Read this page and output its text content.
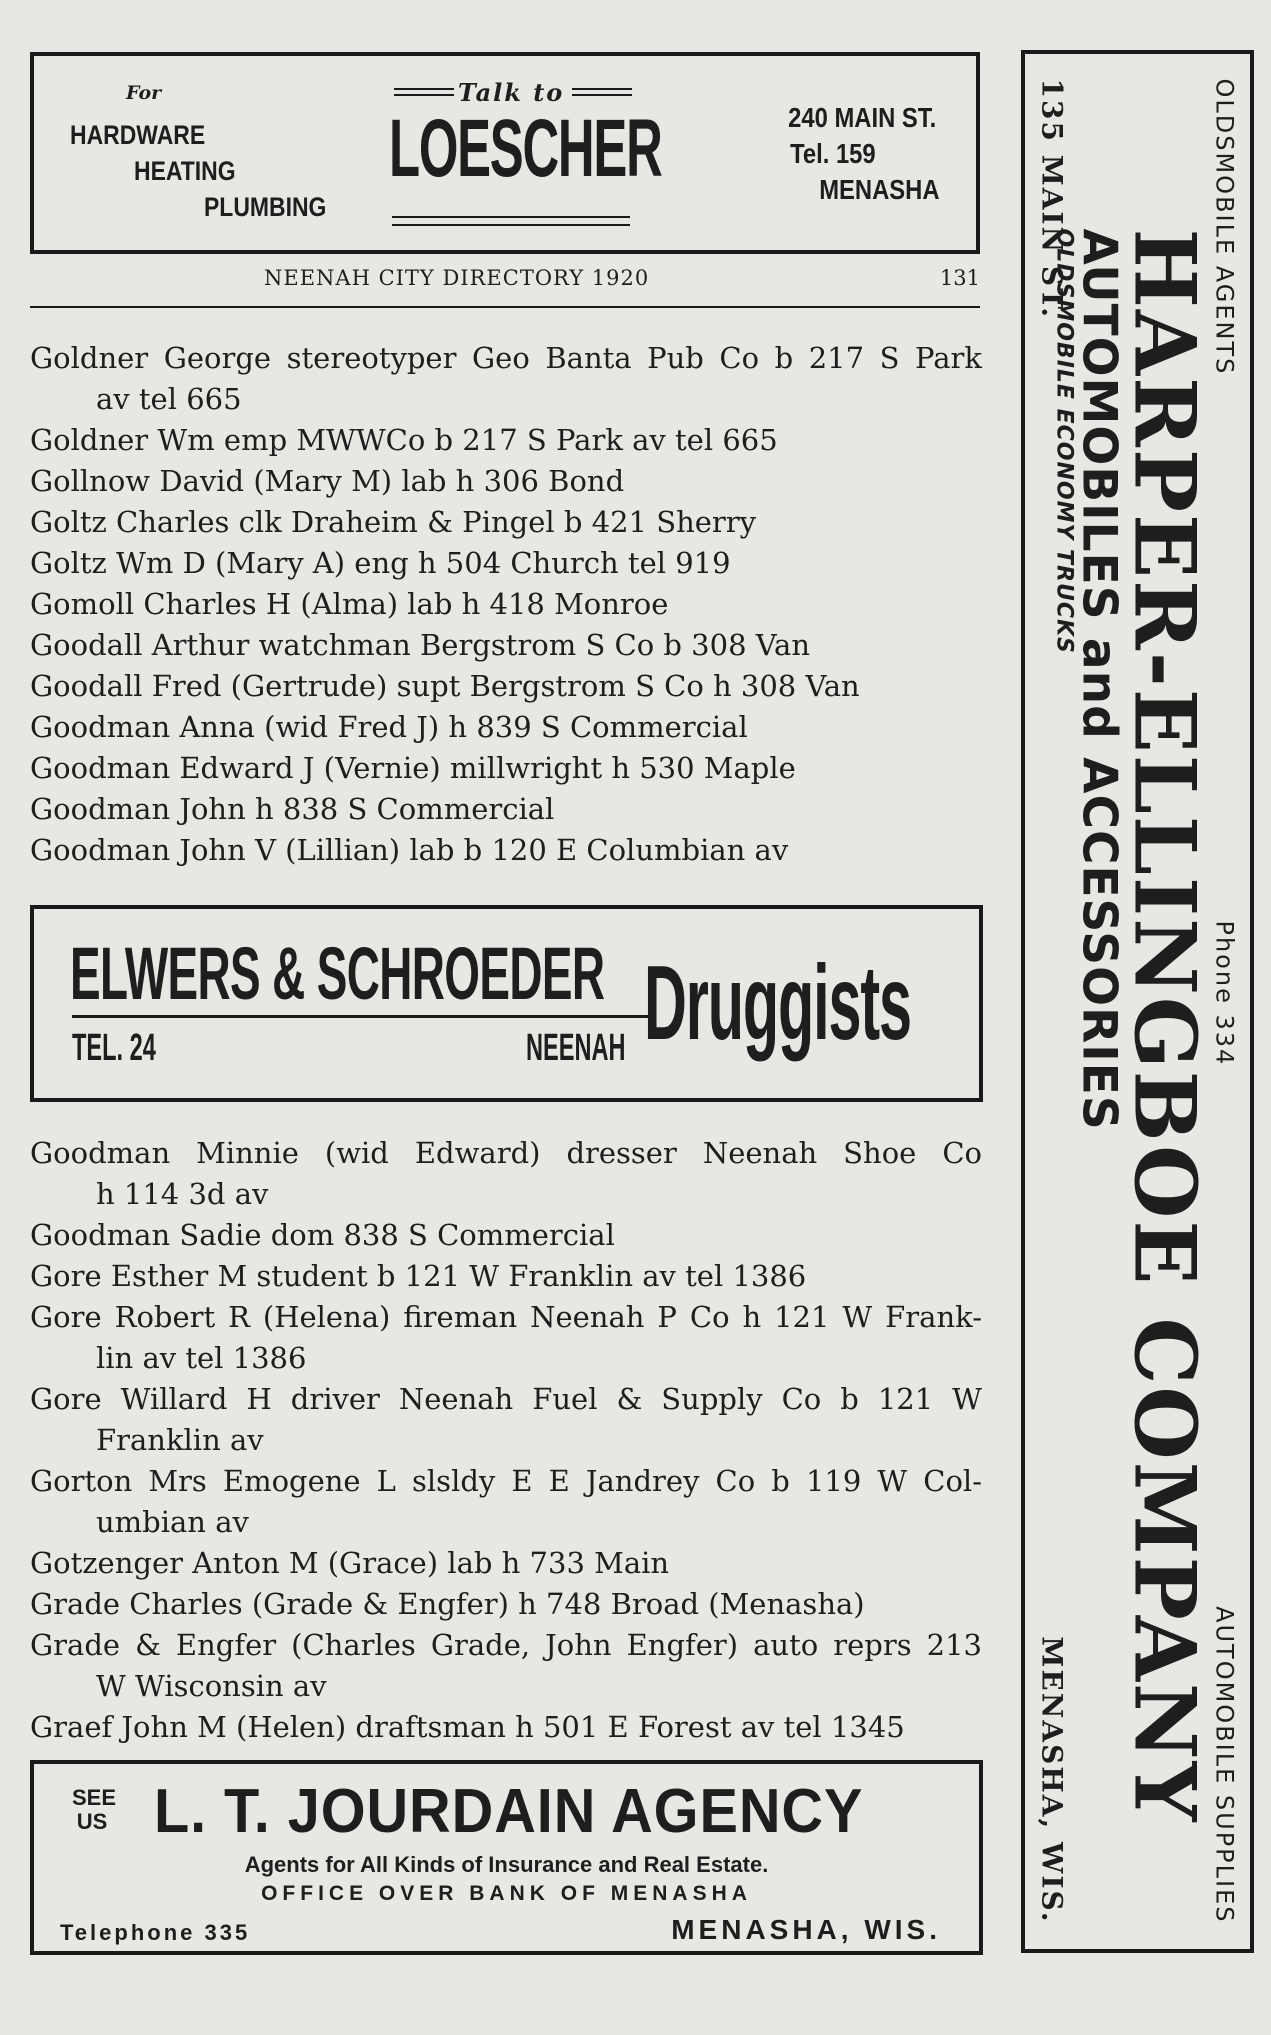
For
HARDWARE
HEATING
PLUMBING
Talk to
LOESCHER	240 MAIN ST.
Tel. 159
MENASHA
NEENAH CITY DIRECTORY 1920	131

Goldner George stereotyper Geo Banta Pub Co b 217 S Park
av tel 665

Goldner Wm emp MWWCo b 217 S Park av tel 665

Gollnow David (Mary M) lab h 306 Bond

Goltz Charles clk Draheim & Pingel b 421 Sherry

Goltz Wm D (Mary A) eng h 504 Church tel 919

Gomoll Charles H (Alma) lab h 418 Monroe

Goodall Arthur watchman Bergstrom S Co b 308 Van

Goodall Fred (Gertrude) supt Bergstrom S Co h 308 Van

Goodman Anna (wid Fred J) h 839 S Commercial

Goodman Edward J (Vernie) millwright h 530 Maple

Goodman John h 838 S Commercial

Goodman John V (Lillian) lab b 120 E Columbian av

ELWERS & SCHROEDER
TEL. 24	NEENAH Druggists

Goodman Minnie (wid Edward) dresser Neenah Shoe Co
h 114 3d av

Goodman Sadie dom 838 S Commercial

Gore Esther M student b 121 W Franklin av tel 1386

Gore Robert R (Helena) fireman Neenah P Co h 121 W Frank-
lin av tel 1386

Gore Willard H driver Neenah Fuel & Supply Co b 121 W
Franklin av

Gorton Mrs Emogene L slsldy E E Jandrey Co b 119 W Col-
umbian av

Gotzenger Anton M (Grace) lab h 733 Main

Grade Charles (Grade & Engfer) h 748 Broad (Menasha)

Grade & Engfer (Charles Grade, John Engfer) auto reprs 213
W Wisconsin av

Graef John M (Helen) draftsman h 501 E Forest av tel 1345

SEE
US L. T. JOURDAIN AGENCY
Agents for All Kinds of Insurance and Real Estate.
OFFICE OVER BANK OF MENASHA
Telephone 335	MENASHA, WIS.
OLDSMOBILE AGENTS
Phone 334
AUTOMOBILE SUPPLIES
HARPER-ELLINGBOE COMPANY
AUTOMOBILES and ACCESSORIES
OLDSMOBILE ECONOMY TRUCKS
135 MAIN ST.
MENASHA, WIS.
